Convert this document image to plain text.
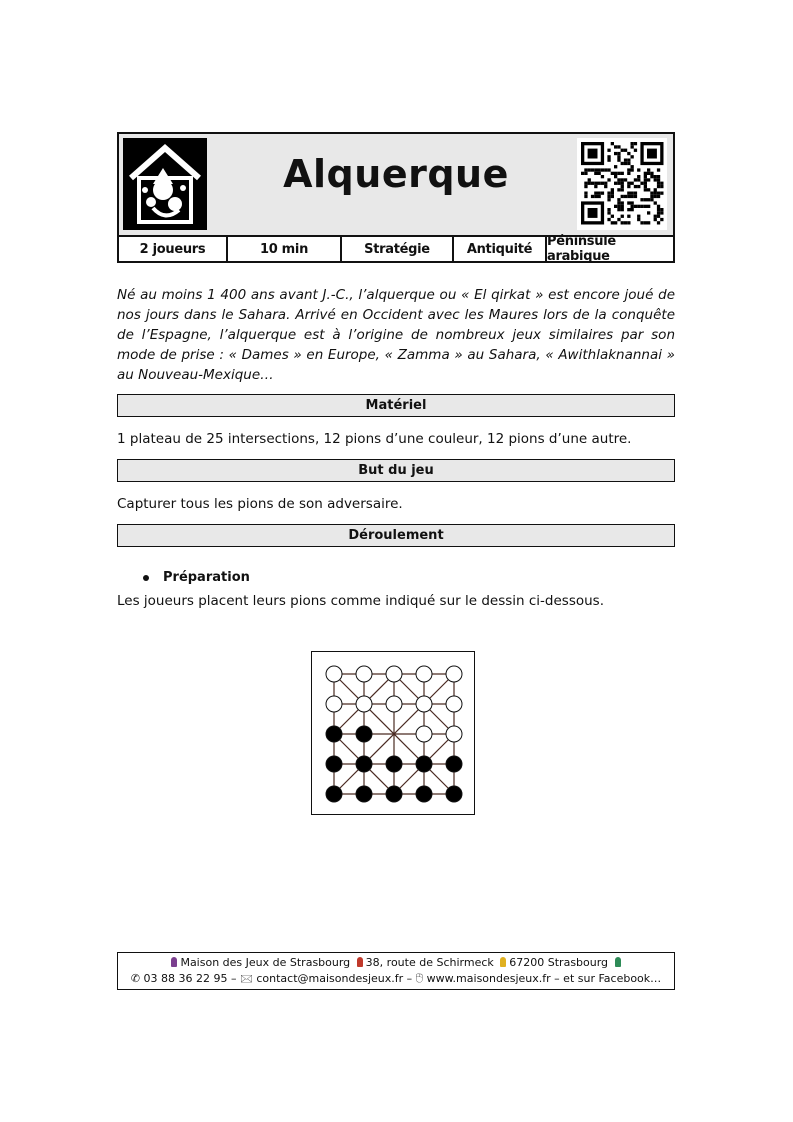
Alquerque
2 joueurs	10 min	Stratégie	Antiquité	Péninsule arabique
Né au moins 1 400 ans avant J.-C., l’alquerque ou « El qirkat » est encore joué de nos jours dans le Sahara. Arrivé en Occident avec les Maures lors de la conquête de l’Espagne, l’alquerque est à l’origine de nombreux jeux similaires par son mode de prise : « Dames » en Europe, « Zamma » au Sahara, « Awithlaknannai » au Nouveau-Mexique…
Matériel
1 plateau de 25 intersections, 12 pions d’une couleur, 12 pions d’une autre.
But du jeu
Capturer tous les pions de son adversaire.
Déroulement
Préparation
Les joueurs placent leurs pions comme indiqué sur le dessin ci-dessous.
Maison des Jeux de Strasbourg 38, route de Schirmeck 67200 Strasbourg
✆ 03 88 36 22 95 – 🖂 contact@maisondesjeux.fr – 🖰 www.maisondesjeux.fr – et sur Facebook…
